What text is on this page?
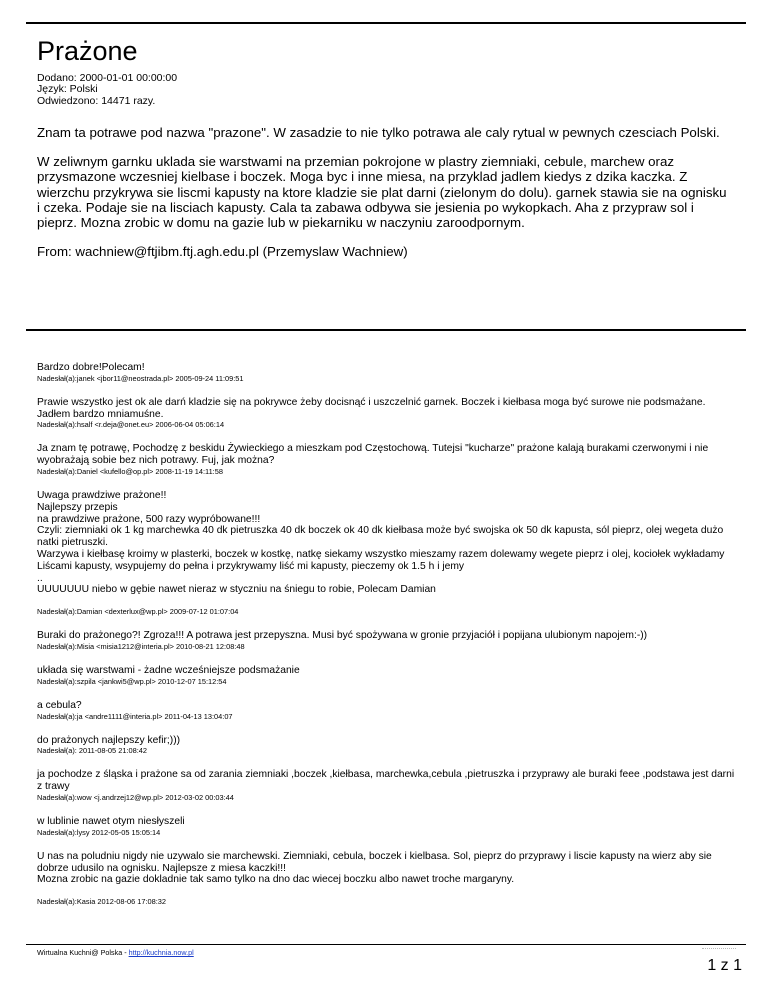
Prażone
Dodano: 2000-01-01 00:00:00
Język: Polski
Odwiedzono: 14471 razy.

Znam ta potrawe pod nazwa "prazone". W zasadzie to nie tylko potrawa ale caly rytual w pewnych czesciach Polski.

W zeliwnym garnku uklada sie warstwami na przemian pokrojone w plastry ziemniaki, cebule, marchew oraz przysmazone wczesniej kielbase i boczek. Moga byc i inne miesa, na przyklad jadlem kiedys z dzika kaczka. Z wierzchu przykrywa sie liscmi kapusty na ktore kladzie sie plat darni (zielonym do dolu). garnek stawia sie na ognisku i czeka. Podaje sie na lisciach kapusty. Cala ta zabawa odbywa sie jesienia po wykopkach. Aha z przypraw sol i pieprz. Mozna zrobic w domu na gazie lub w piekarniku w naczyniu zaroodpornym.

From: wachniew@ftjibm.ftj.agh.edu.pl (Przemyslaw Wachniew)

Bardzo dobre!Polecam!
Nadesłał(a):janek <jbor11@neostrada.pl> 2005-09-24 11:09:51
Prawie wszystko jest ok ale darń kladzie się na pokrywce żeby docisnąć i uszczelnić garnek. Boczek i kiełbasa moga być surowe nie podsmażane. Jadłem bardzo mniamuśne.
Nadesłał(a):hsalf <r.deja@onet.eu> 2006-06-04 05:06:14
Ja znam tę potrawę, Pochodzę z beskidu Żywieckiego a mieszkam pod Częstochową. Tutejsi "kucharze" prażone kalają burakami czerwonymi i nie wyobrażają sobie bez nich potrawy. Fuj, jak można?
Nadesłał(a):Daniel <kufello@op.pl> 2008-11-19 14:11:58
Uwaga prawdziwe prażone!!
Najlepszy przepis
na prawdziwe prażone, 500 razy wypróbowane!!!
Czyli: ziemniaki ok 1 kg marchewka 40 dk pietruszka 40 dk boczek ok 40 dk kiełbasa może być swojska ok 50 dk kapusta, sól pieprz, olej wegeta dużo natki pietruszki.
Warzywa i kiełbasę kroimy w plasterki, boczek w kostkę, natkę siekamy wszystko mieszamy razem dolewamy wegete pieprz i olej, kociołek wykładamy Liścami kapusty, wsypujemy do pełna i przykrywamy liść mi kapusty, pieczemy ok 1.5 h i jemy
..
UUUUUUU niebo w gębie nawet nieraz w styczniu na śniegu to robie, Polecam Damian
Nadesłał(a):Damian <dexterlux@wp.pl> 2009-07-12 01:07:04
Buraki do prażonego?! Zgroza!!! A potrawa jest przepyszna. Musi być spożywana w gronie przyjaciół i popijana ulubionym napojem:-))
Nadesłał(a):Misia <misia1212@interia.pl> 2010-08-21 12:08:48
układa się warstwami - żadne wcześniejsze podsmażanie
Nadesłał(a):szpila <jankwi5@wp.pl> 2010-12-07 15:12:54
a cebula?
Nadesłał(a):ja <andre1111@interia.pl> 2011-04-13 13:04:07
do prażonych najlepszy kefir;)))
Nadesłał(a): 2011-08-05 21:08:42
ja pochodze z śląska i prażone sa od zarania ziemniaki ,boczek ,kiełbasa, marchewka,cebula ,pietruszka i przyprawy ale buraki feee ,podstawa jest darni z trawy
Nadesłał(a):wow <j.andrzej12@wp.pl> 2012-03-02 00:03:44
w lublinie nawet otym niesłyszeli
Nadesłał(a):lysy 2012-05-05 15:05:14
U nas na poludniu nigdy nie uzywalo sie marchewski. Ziemniaki, cebula, boczek i kielbasa. Sol, pieprz do przyprawy i liscie kapusty na wierz aby sie dobrze udusilo na ognisku. Najlepsze z miesa kaczki!!!
Mozna zrobic na gazie dokladnie tak samo tylko na dno dac wiecej boczku albo nawet troche margaryny.
Nadesłał(a):Kasia 2012-08-06 17:08:32
Wirtualna Kuchni@ Polska - http://kuchnia.now.pl
1 z 1
